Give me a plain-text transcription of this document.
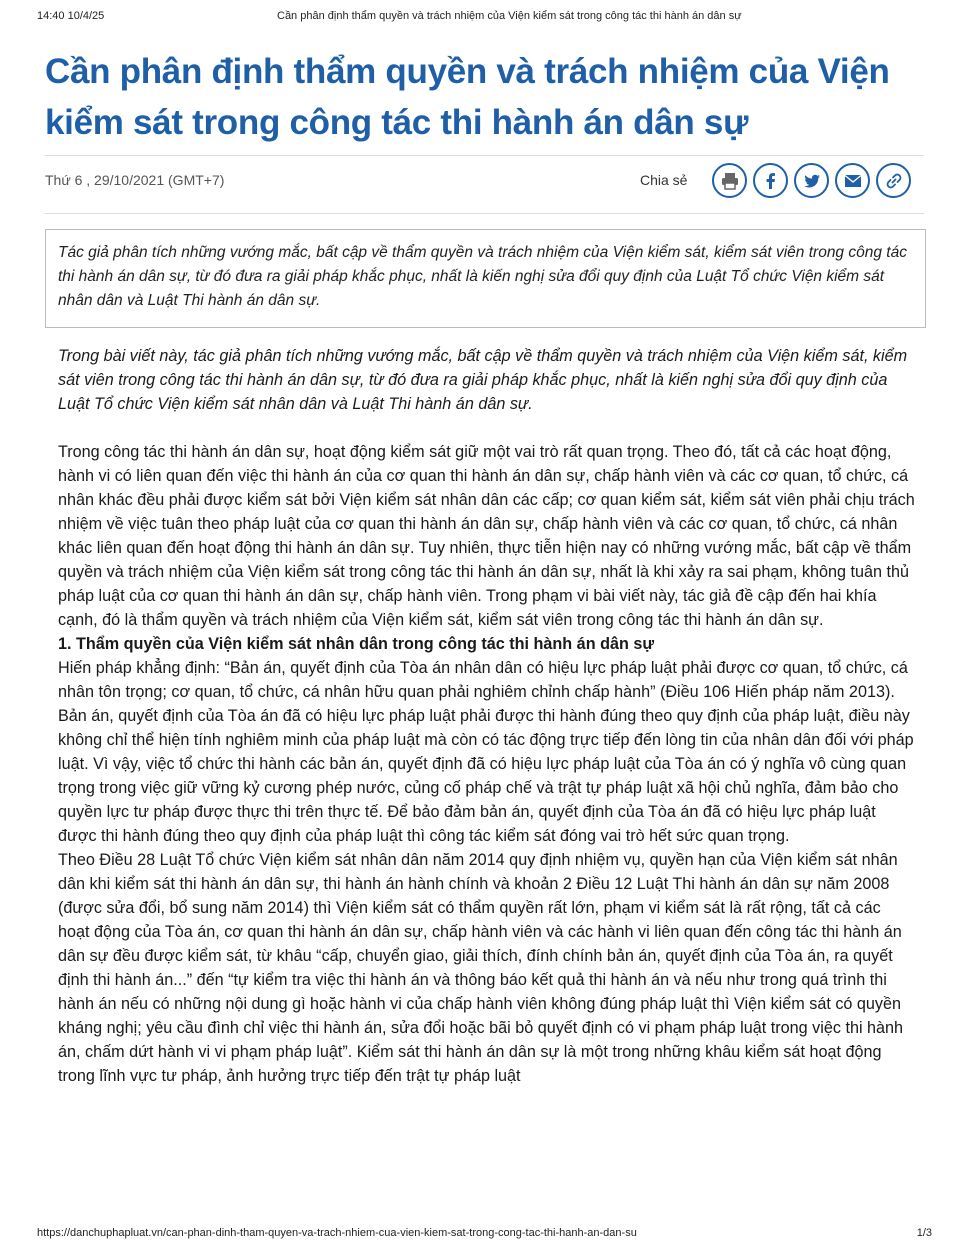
14:40 10/4/25	Cần phân định thẩm quyền và trách nhiệm của Viện kiểm sát trong công tác thi hành án dân sự
Cần phân định thẩm quyền và trách nhiệm của Viện kiểm sát trong công tác thi hành án dân sự
Thứ 6 , 29/10/2021 (GMT+7)	Chia sẻ
Tác giả phân tích những vướng mắc, bất cập về thẩm quyền và trách nhiệm của Viện kiểm sát, kiểm sát viên trong công tác thi hành án dân sự, từ đó đưa ra giải pháp khắc phục, nhất là kiến nghị sửa đổi quy định của Luật Tổ chức Viện kiểm sát nhân dân và Luật Thi hành án dân sự.

Trong bài viết này, tác giả phân tích những vướng mắc, bất cập về thẩm quyền và trách nhiệm của Viện kiểm sát, kiểm sát viên trong công tác thi hành án dân sự, từ đó đưa ra giải pháp khắc phục, nhất là kiến nghị sửa đổi quy định của Luật Tổ chức Viện kiểm sát nhân dân và Luật Thi hành án dân sự.

Trong công tác thi hành án dân sự, hoạt động kiểm sát giữ một vai trò rất quan trọng. Theo đó, tất cả các hoạt động, hành vi có liên quan đến việc thi hành án của cơ quan thi hành án dân sự, chấp hành viên và các cơ quan, tổ chức, cá nhân khác đều phải được kiểm sát bởi Viện kiểm sát nhân dân các cấp; cơ quan kiểm sát, kiểm sát viên phải chịu trách nhiệm về việc tuân theo pháp luật của cơ quan thi hành án dân sự, chấp hành viên và các cơ quan, tổ chức, cá nhân khác liên quan đến hoạt động thi hành án dân sự. Tuy nhiên, thực tiễn hiện nay có những vướng mắc, bất cập về thẩm quyền và trách nhiệm của Viện kiểm sát trong công tác thi hành án dân sự, nhất là khi xảy ra sai phạm, không tuân thủ pháp luật của cơ quan thi hành án dân sự, chấp hành viên. Trong phạm vi bài viết này, tác giả đề cập đến hai khía cạnh, đó là thẩm quyền và trách nhiệm của Viện kiểm sát, kiểm sát viên trong công tác thi hành án dân sự.

1. Thẩm quyền của Viện kiểm sát nhân dân trong công tác thi hành án dân sự

Hiến pháp khẳng định: “Bản án, quyết định của Tòa án nhân dân có hiệu lực pháp luật phải được cơ quan, tổ chức, cá nhân tôn trọng; cơ quan, tổ chức, cá nhân hữu quan phải nghiêm chỉnh chấp hành” (Điều 106 Hiến pháp năm 2013). Bản án, quyết định của Tòa án đã có hiệu lực pháp luật phải được thi hành đúng theo quy định của pháp luật, điều này không chỉ thể hiện tính nghiêm minh của pháp luật mà còn có tác động trực tiếp đến lòng tin của nhân dân đối với pháp luật. Vì vậy, việc tổ chức thi hành các bản án, quyết định đã có hiệu lực pháp luật của Tòa án có ý nghĩa vô cùng quan trọng trong việc giữ vững kỷ cương phép nước, củng cố pháp chế và trật tự pháp luật xã hội chủ nghĩa, đảm bảo cho quyền lực tư pháp được thực thi trên thực tế. Để bảo đảm bản án, quyết định của Tòa án đã có hiệu lực pháp luật được thi hành đúng theo quy định của pháp luật thì công tác kiểm sát đóng vai trò hết sức quan trọng.

Theo Điều 28 Luật Tổ chức Viện kiểm sát nhân dân năm 2014 quy định nhiệm vụ, quyền hạn của Viện kiểm sát nhân dân khi kiểm sát thi hành án dân sự, thi hành án hành chính và khoản 2 Điều 12 Luật Thi hành án dân sự năm 2008 (được sửa đổi, bổ sung năm 2014) thì Viện kiểm sát có thẩm quyền rất lớn, phạm vi kiểm sát là rất rộng, tất cả các hoạt động của Tòa án, cơ quan thi hành án dân sự, chấp hành viên và các hành vi liên quan đến công tác thi hành án dân sự đều được kiểm sát, từ khâu “cấp, chuyển giao, giải thích, đính chính bản án, quyết định của Tòa án, ra quyết định thi hành án...” đến “tự kiểm tra việc thi hành án và thông báo kết quả thi hành án và nếu như trong quá trình thi hành án nếu có những nội dung gì hoặc hành vi của chấp hành viên không đúng pháp luật thì Viện kiểm sát có quyền kháng nghị; yêu cầu đình chỉ việc thi hành án, sửa đổi hoặc bãi bỏ quyết định có vi phạm pháp luật trong việc thi hành án, chấm dứt hành vi vi phạm pháp luật”. Kiểm sát thi hành án dân sự là một trong những khâu kiểm sát hoạt động trong lĩnh vực tư pháp, ảnh hưởng trực tiếp đến trật tự pháp luật

https://danchuphapluat.vn/can-phan-dinh-tham-quyen-va-trach-nhiem-cua-vien-kiem-sat-trong-cong-tac-thi-hanh-an-dan-su	1/3
